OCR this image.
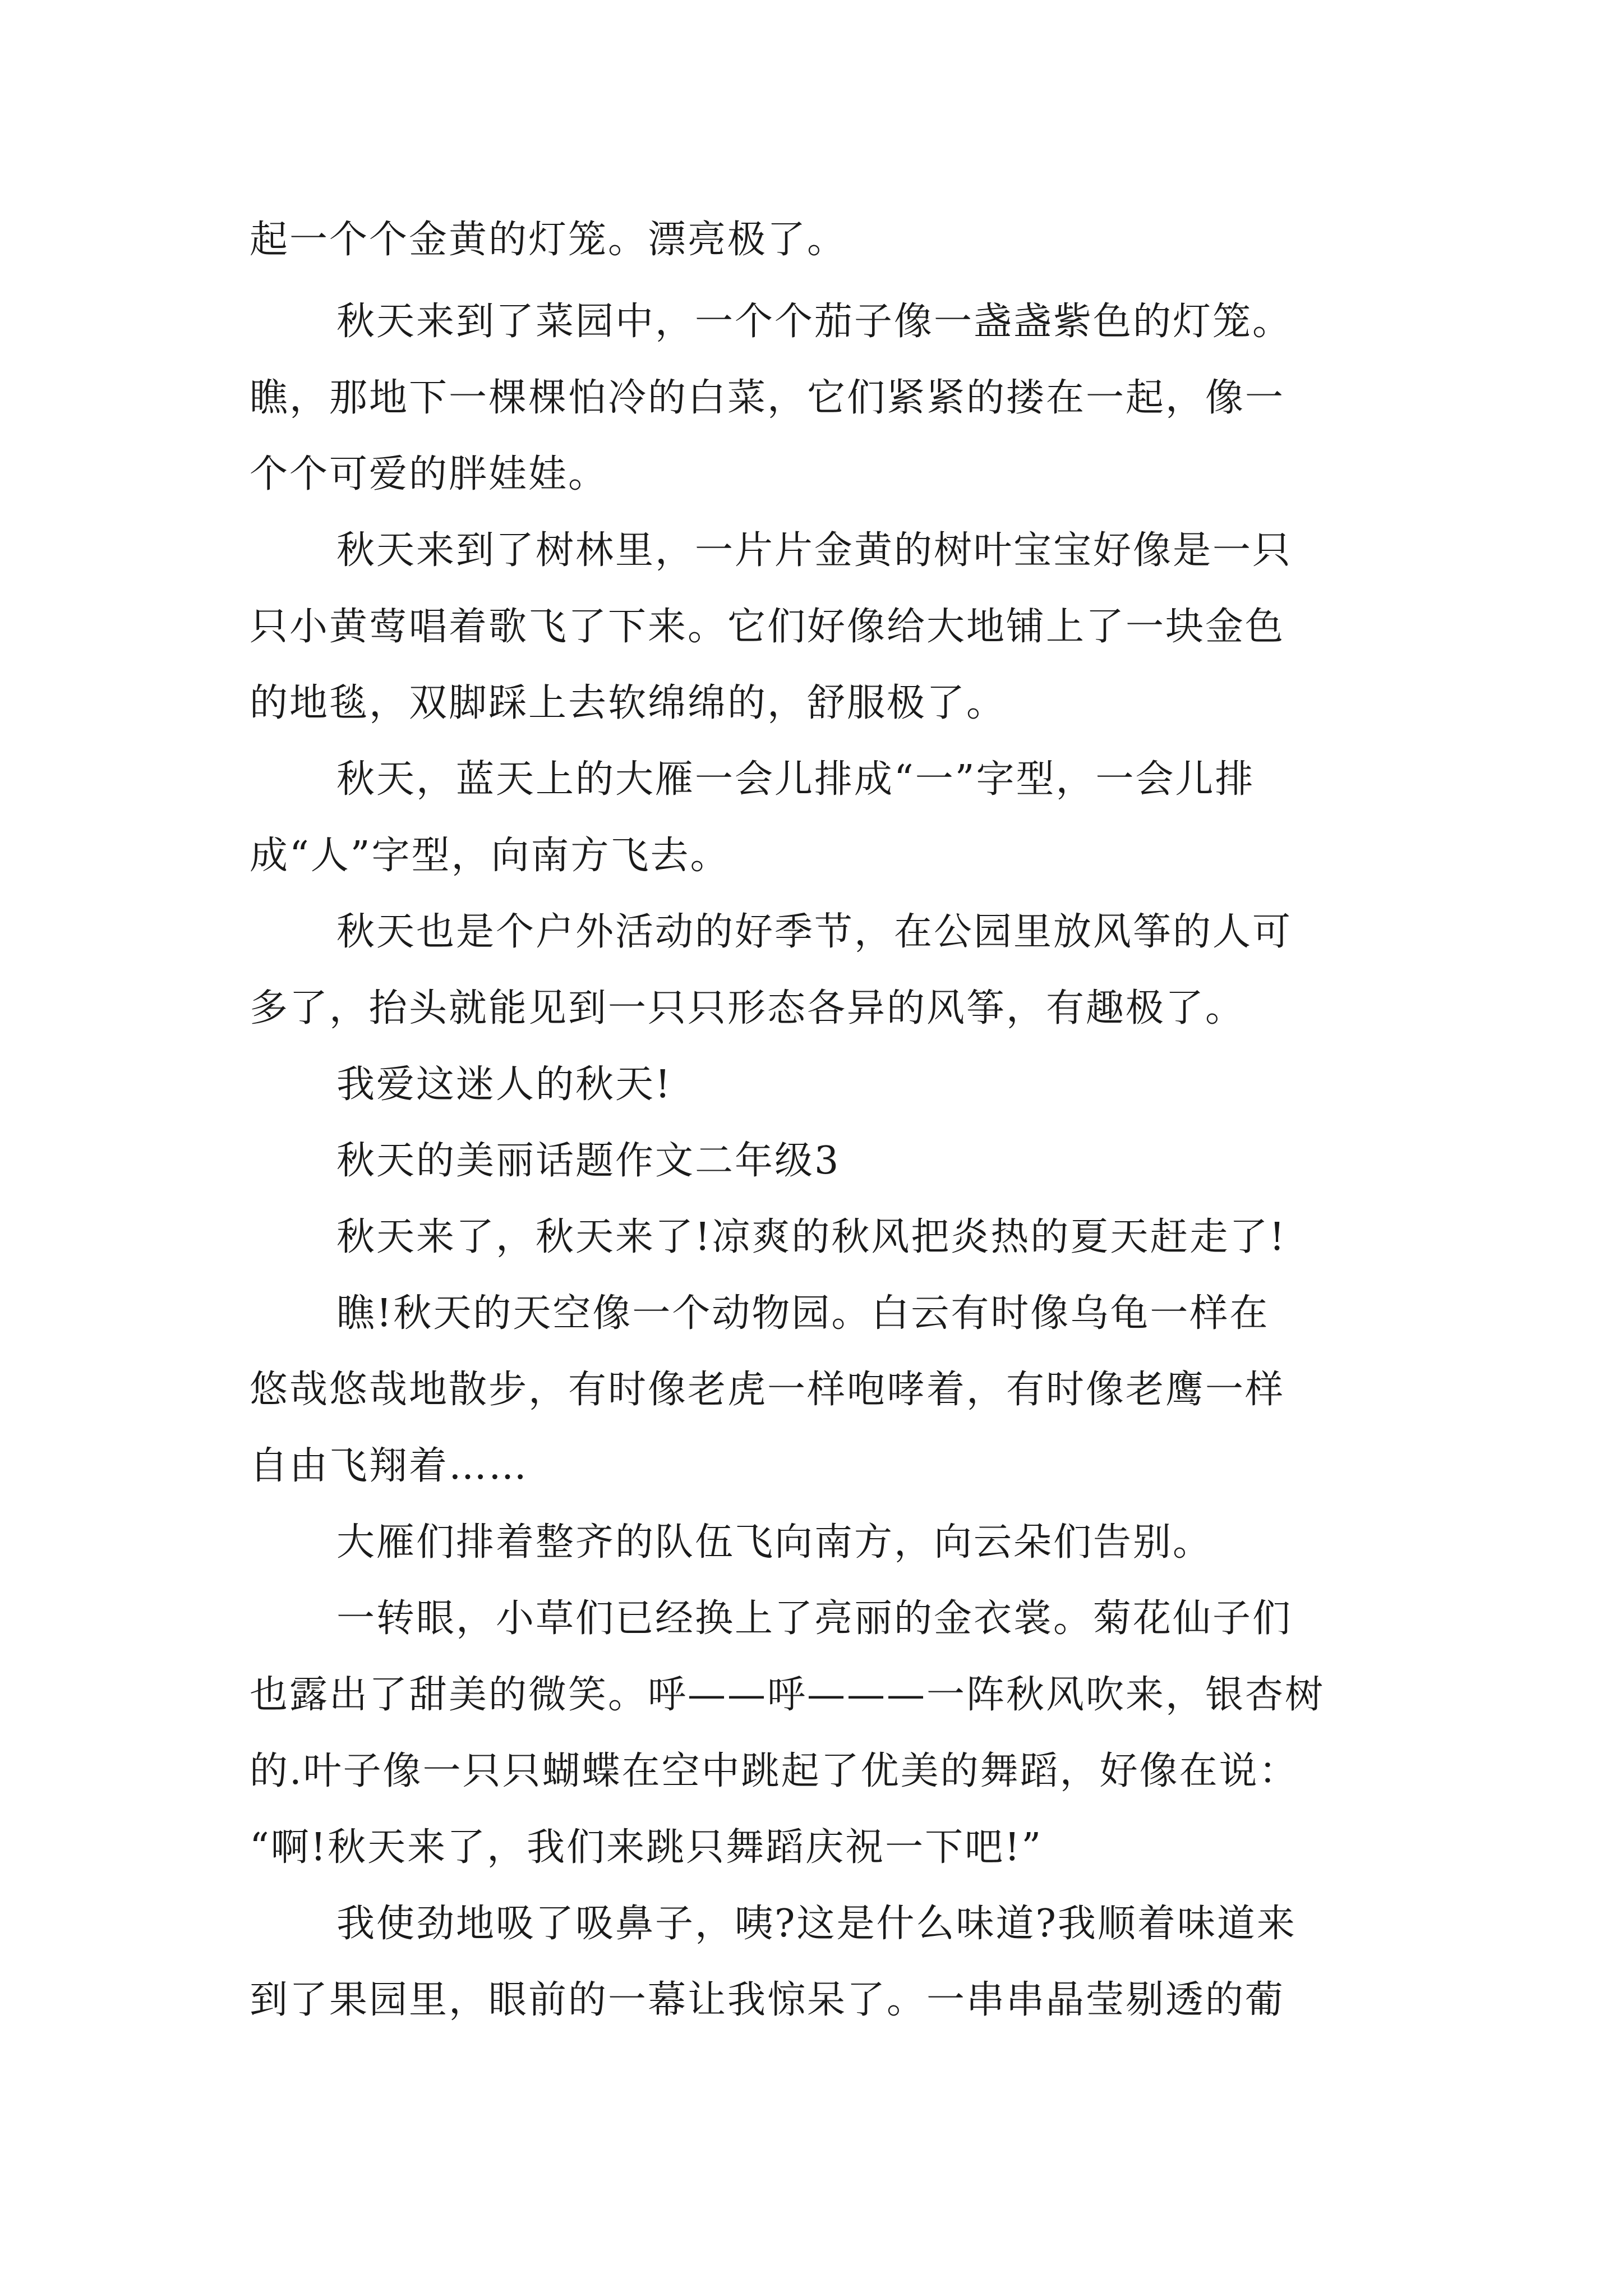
起一个个金黄的灯笼。漂亮极了。
秋天来到了菜园中，一个个茄子像一盏盏紫色的灯笼。
瞧，那地下一棵棵怕冷的白菜，它们紧紧的搂在一起，像一
个个可爱的胖娃娃。
秋天来到了树林里，一片片金黄的树叶宝宝好像是一只
只小黄莺唱着歌飞了下来。它们好像给大地铺上了一块金色
的地毯，双脚踩上去软绵绵的，舒服极了。
秋天，蓝天上的大雁一会儿排成“一”字型，一会儿排
成“人”字型，向南方飞去。
秋天也是个户外活动的好季节，在公园里放风筝的人可
多了，抬头就能见到一只只形态各异的风筝，有趣极了。
我爱这迷人的秋天!
秋天的美丽话题作文二年级3
秋天来了，秋天来了!凉爽的秋风把炎热的夏天赶走了!
瞧!秋天的天空像一个动物园。白云有时像乌龟一样在
悠哉悠哉地散步，有时像老虎一样咆哮着，有时像老鹰一样
自由飞翔着……
大雁们排着整齐的队伍飞向南方，向云朵们告别。
一转眼，小草们已经换上了亮丽的金衣裳。菊花仙子们
也露出了甜美的微笑。呼——呼———一阵秋风吹来，银杏树
的.叶子像一只只蝴蝶在空中跳起了优美的舞蹈，好像在说：
“啊!秋天来了，我们来跳只舞蹈庆祝一下吧!”
我使劲地吸了吸鼻子，咦?这是什么味道?我顺着味道来
到了果园里，眼前的一幕让我惊呆了。一串串晶莹剔透的葡
